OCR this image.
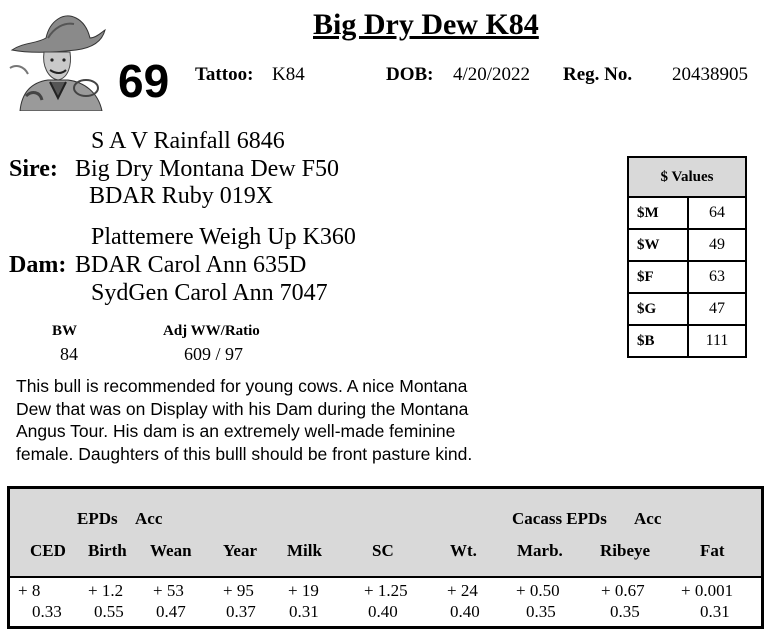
Big Dry Dew K84
69 Tattoo: K84	DOB: 4/20/2022 Reg. No. 20438905
S A V Rainfall 6846
Sire: Big Dry Montana Dew F50
BDAR Ruby 019X
Plattemere Weigh Up K360
Dam: BDAR Carol Ann 635D
SydGen Carol Ann 7047
BW
84
Adj WW/Ratio
609 / 97
This bull is recommended for young cows. A nice Montana Dew that was on Display with his Dam during the Montana Angus Tour. His dam is an extremely well-made feminine female. Daughters of this bulll should be front pasture kind.
$ Values	
$M	64
$W	49
$F	63
$G	47
$B	111
EPDs Acc	Cacass EPDs Acc
CED Birth Wean Year Milk	SC	Wt. Marb. Ribeye	Fat
+ 8	+ 1.2 + 53 + 95 + 19	+ 1.25 + 24 + 0.50 + 0.67 + 0.001
0.33 0.55 0.47 0.37 0.31	0.40	0.40	0.35	0.35	0.31
